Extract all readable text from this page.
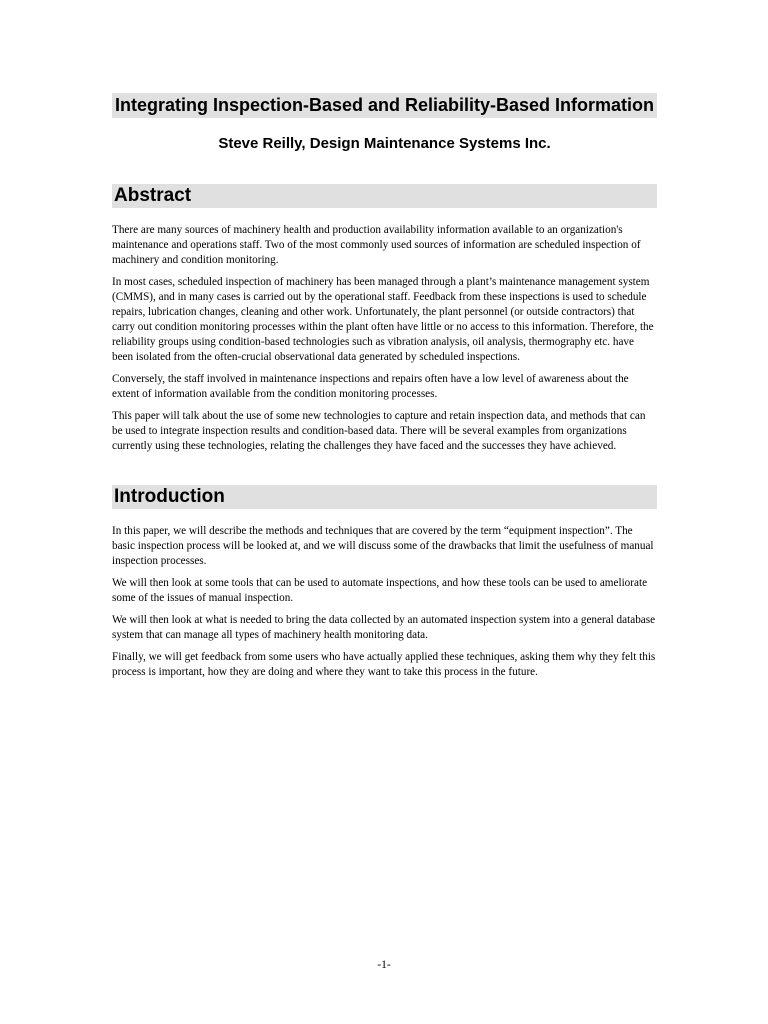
Integrating Inspection-Based and Reliability-Based Information

Steve Reilly, Design Maintenance Systems Inc.

Abstract

There are many sources of machinery health and production availability information available to an organization's maintenance and operations staff. Two of the most commonly used sources of information are scheduled inspection of machinery and condition monitoring.

In most cases, scheduled inspection of machinery has been managed through a plant’s maintenance management system (CMMS), and in many cases is carried out by the operational staff. Feedback from these inspections is used to schedule repairs, lubrication changes, cleaning and other work. Unfortunately, the plant personnel (or outside contractors) that carry out condition monitoring processes within the plant often have little or no access to this information. Therefore, the reliability groups using condition-based technologies such as vibration analysis, oil analysis, thermography etc. have been isolated from the often-crucial observational data generated by scheduled inspections.

Conversely, the staff involved in maintenance inspections and repairs often have a low level of awareness about the extent of information available from the condition monitoring processes.

This paper will talk about the use of some new technologies to capture and retain inspection data, and methods that can be used to integrate inspection results and condition-based data. There will be several examples from organizations currently using these technologies, relating the challenges they have faced and the successes they have achieved.

Introduction

In this paper, we will describe the methods and techniques that are covered by the term “equipment inspection”. The basic inspection process will be looked at, and we will discuss some of the drawbacks that limit the usefulness of manual inspection processes.

We will then look at some tools that can be used to automate inspections, and how these tools can be used to ameliorate some of the issues of manual inspection.

We will then look at what is needed to bring the data collected by an automated inspection system into a general database system that can manage all types of machinery health monitoring data.

Finally, we will get feedback from some users who have actually applied these techniques, asking them why they felt this process is important, how they are doing and where they want to take this process in the future.

-1-
